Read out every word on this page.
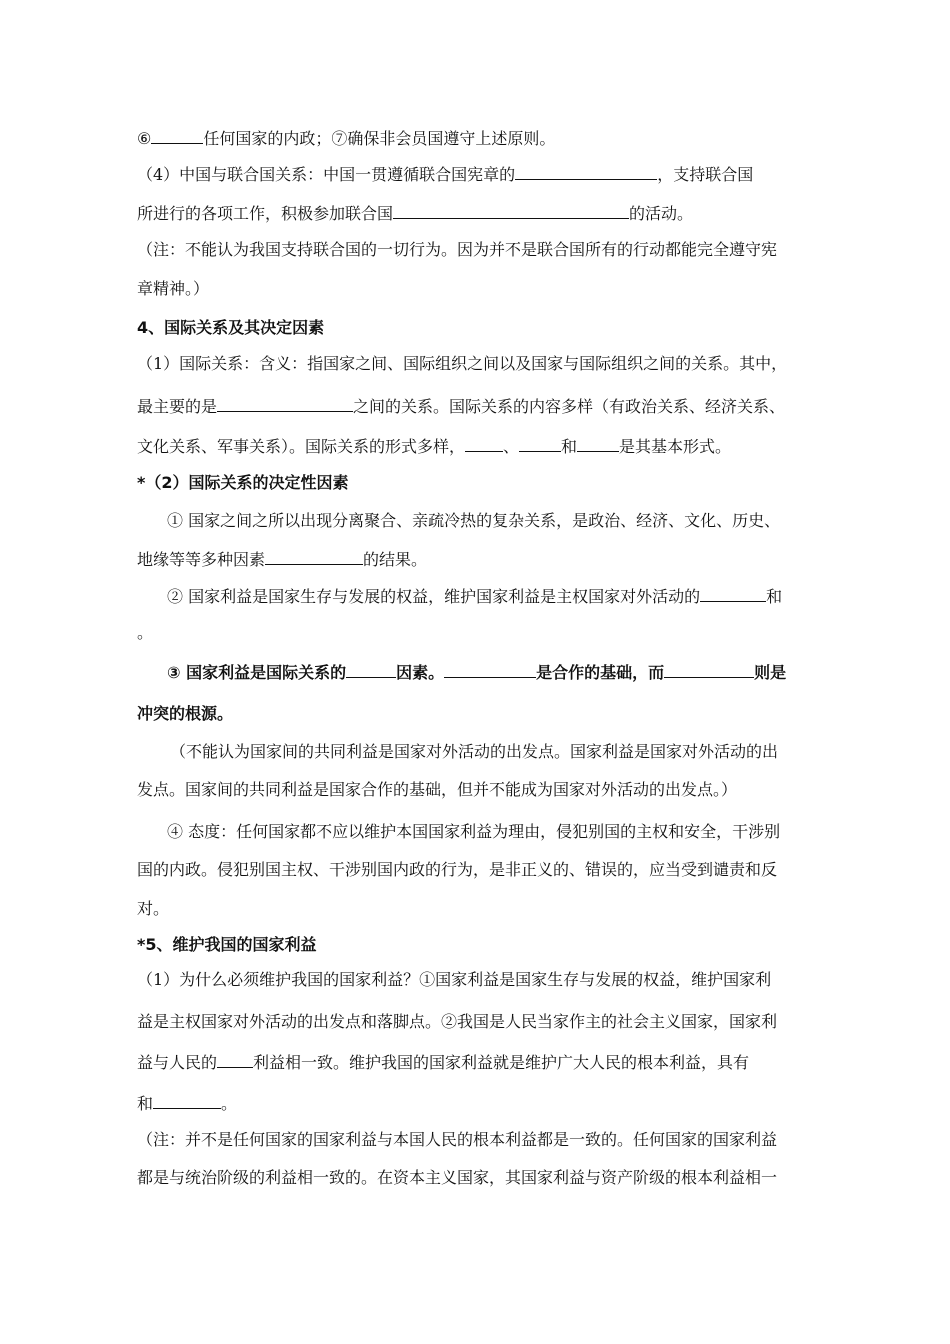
⑥	任何国家的内政；⑦确保非会员国遵守上述原则。
（4）中国与联合国关系：中国一贯遵循联合国宪章的	，支持联合国
所进行的各项工作，积极参加联合国	的活动。
（注：不能认为我国支持联合国的一切行为。因为并不是联合国所有的行动都能完全遵守宪
章精神。）
4、国际关系及其决定因素
（1）国际关系：含义：指国家之间、国际组织之间以及国家与国际组织之间的关系。其中，
最主要的是	之间的关系。国际关系的内容多样（有政治关系、经济关系、
文化关系、军事关系）。国际关系的形式多样， 、	和	是其基本形式。
*（2）国际关系的决定性因素
① 国家之间之所以出现分离聚合、亲疏冷热的复杂关系，是政治、经济、文化、历史、
地缘等等多种因素	的结果。
② 国家利益是国家生存与发展的权益，维护国家利益是主权国家对外活动的	和
。
③ 国家利益是国际关系的	因素。	是合作的基础，而	则是
冲突的根源。
（不能认为国家间的共同利益是国家对外活动的出发点。国家利益是国家对外活动的出
发点。国家间的共同利益是国家合作的基础，但并不能成为国家对外活动的出发点。）
④ 态度：任何国家都不应以维护本国国家利益为理由，侵犯别国的主权和安全，干涉别
国的内政。侵犯别国主权、干涉别国内政的行为，是非正义的、错误的，应当受到谴责和反
对。
*5、维护我国的国家利益
（1）为什么必须维护我国的国家利益？①国家利益是国家生存与发展的权益，维护国家利
益是主权国家对外活动的出发点和落脚点。②我国是人民当家作主的社会主义国家，国家利
益与人民的 利益相一致。维护我国的国家利益就是维护广大人民的根本利益，具有
和	。
（注：并不是任何国家的国家利益与本国人民的根本利益都是一致的。任何国家的国家利益
都是与统治阶级的利益相一致的。在资本主义国家，其国家利益与资产阶级的根本利益相一
